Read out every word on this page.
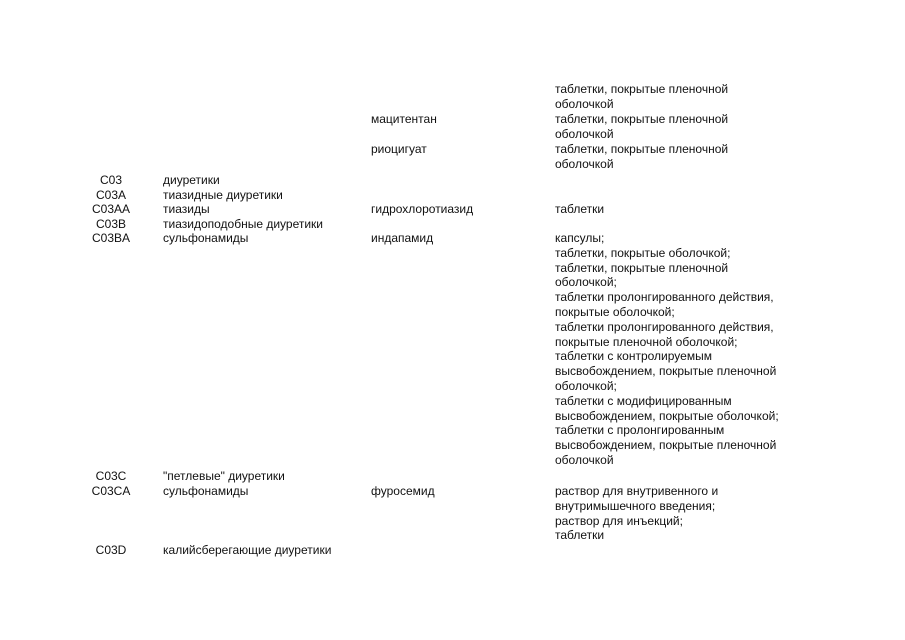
таблетки, покрытые пленочной
оболочкой
мацитентан	таблетки, покрытые пленочной
оболочкой
риоцигуат	таблетки, покрытые пленочной
оболочкой
C03	диуретики
C03A	тиазидные диуретики
C03AA	тиазиды	гидрохлоротиазид	таблетки
C03B	тиазидоподобные диуретики
C03BA	сульфонамиды	индапамид	капсулы;
таблетки, покрытые оболочкой;
таблетки, покрытые пленочной
оболочкой;
таблетки пролонгированного действия,
покрытые оболочкой;
таблетки пролонгированного действия,
покрытые пленочной оболочкой;
таблетки с контролируемым
высвобождением, покрытые пленочной
оболочкой;
таблетки с модифицированным
высвобождением, покрытые оболочкой;
таблетки с пролонгированным
высвобождением, покрытые пленочной
оболочкой
C03C	"петлевые" диуретики
C03CA	сульфонамиды	фуросемид	раствор для внутривенного и
внутримышечного введения;
раствор для инъекций;
таблетки
C03D	калийсберегающие диуретики
